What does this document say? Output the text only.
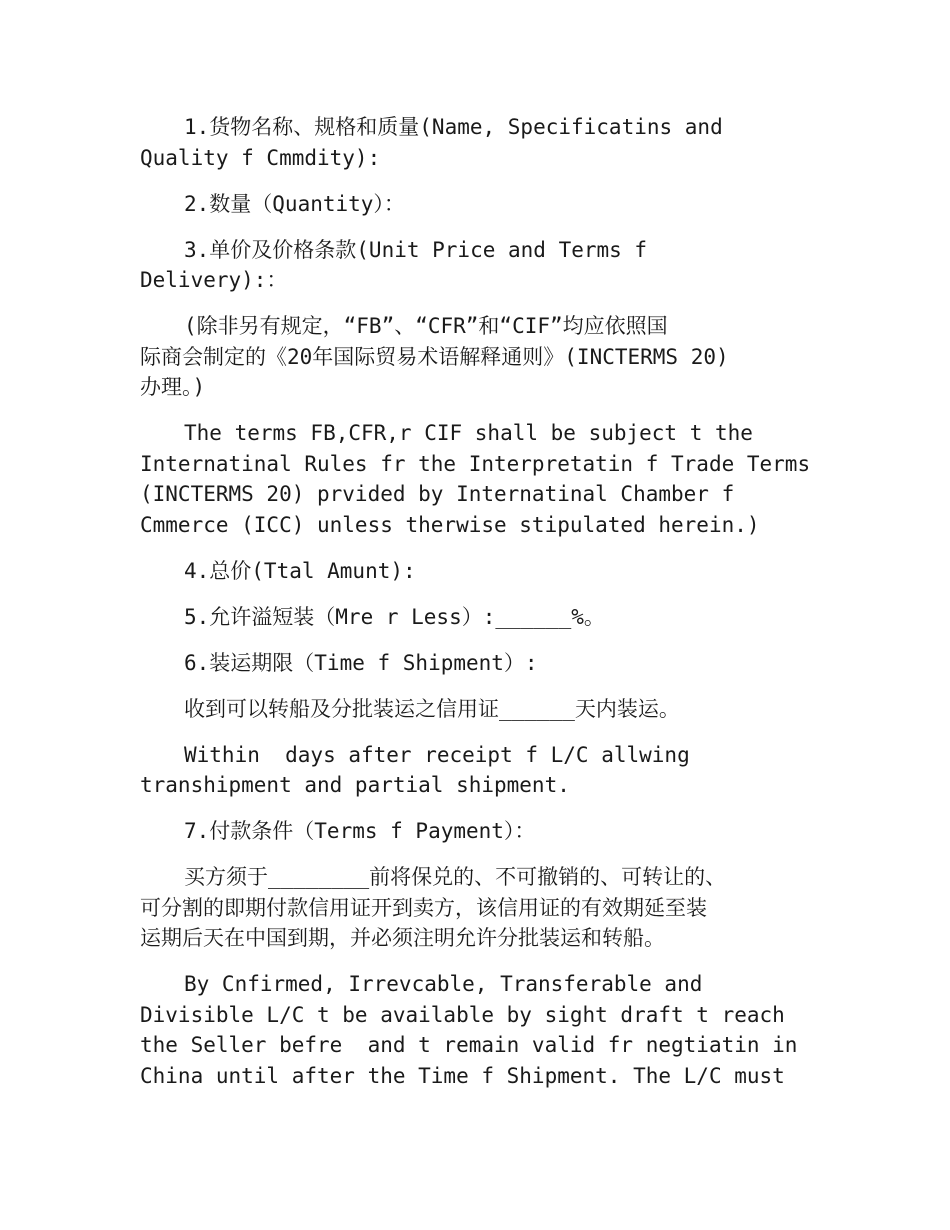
1.货物名称、规格和质量(Name, Specificatins and
Quality f Cmmdity):
2.数量（Quantity）：
3.单价及价格条款(Unit Price and Terms f
Delivery):：
(除非另有规定，“FB”、“CFR”和“CIF”均应依照国
际商会制定的《20年国际贸易术语解释通则》(INCTERMS 20)
办理。)
The terms FB,CFR,r CIF shall be subject t the
Internatinal Rules fr the Interpretatin f Trade Terms
(INCTERMS 20) prvided by Internatinal Chamber f
Cmmerce (ICC) unless therwise stipulated herein.)
4.总价(Ttal Amunt):
5.允许溢短装（Mre r Less）:______%。
6.装运期限（Time f Shipment）:
收到可以转船及分批装运之信用证______天内装运。
Within  days after receipt f L/C allwing
transhipment and partial shipment.
7.付款条件（Terms f Payment）：
买方须于________前将保兑的、不可撤销的、可转让的、
可分割的即期付款信用证开到卖方，该信用证的有效期延至装
运期后天在中国到期，并必须注明允许分批装运和转船。
By Cnfirmed, Irrevcable, Transferable and
Divisible L/C t be available by sight draft t reach
the Seller befre  and t remain valid fr negtiatin in
China until after the Time f Shipment. The L/C must
